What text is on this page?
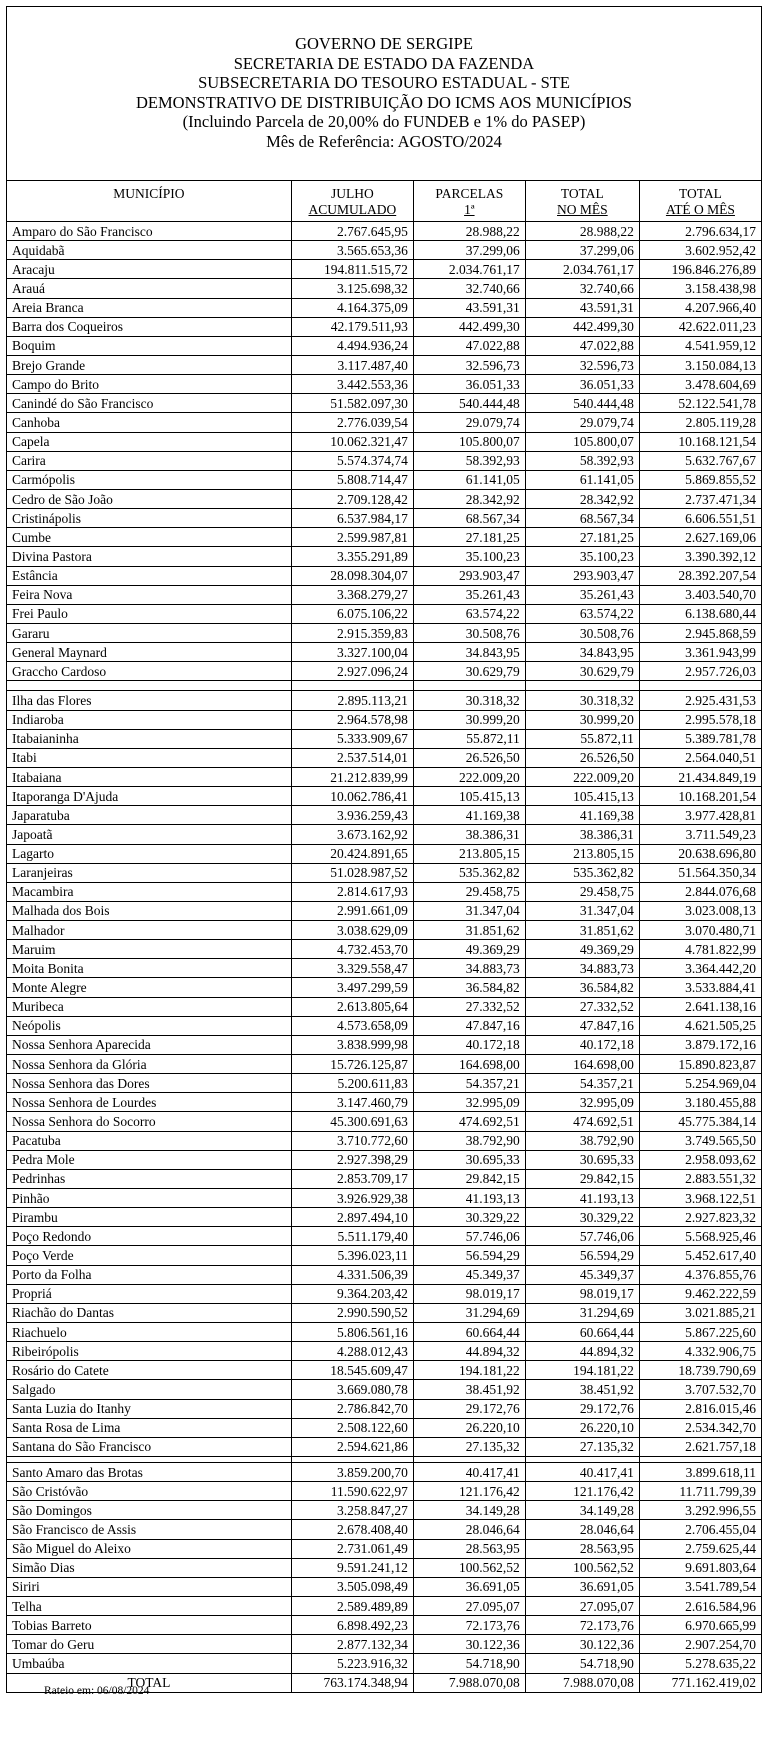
GOVERNO DE SERGIPE
SECRETARIA DE ESTADO DA FAZENDA
SUBSECRETARIA DO TESOURO ESTADUAL - STE
DEMONSTRATIVO DE DISTRIBUIÇÃO DO ICMS AOS MUNICÍPIOS
(Incluindo Parcela de 20,00% do FUNDEB e 1% do PASEP)
Mês de Referência: AGOSTO/2024
MUNICÍPIO	JULHO	PARCELAS	TOTAL	TOTAL
	ACUMULADO	1ª	NO MÊS	ATÉ O MÊS
Amparo do São Francisco	2.767.645,95	28.988,22	28.988,22	2.796.634,17
Aquidabã	3.565.653,36	37.299,06	37.299,06	3.602.952,42
Aracaju	194.811.515,72	2.034.761,17	2.034.761,17	196.846.276,89
Arauá	3.125.698,32	32.740,66	32.740,66	3.158.438,98
Areia Branca	4.164.375,09	43.591,31	43.591,31	4.207.966,40
Barra dos Coqueiros	42.179.511,93	442.499,30	442.499,30	42.622.011,23
Boquim	4.494.936,24	47.022,88	47.022,88	4.541.959,12
Brejo Grande	3.117.487,40	32.596,73	32.596,73	3.150.084,13
Campo do Brito	3.442.553,36	36.051,33	36.051,33	3.478.604,69
Canindé do São Francisco	51.582.097,30	540.444,48	540.444,48	52.122.541,78
Canhoba	2.776.039,54	29.079,74	29.079,74	2.805.119,28
Capela	10.062.321,47	105.800,07	105.800,07	10.168.121,54
Carira	5.574.374,74	58.392,93	58.392,93	5.632.767,67
Carmópolis	5.808.714,47	61.141,05	61.141,05	5.869.855,52
Cedro de São João	2.709.128,42	28.342,92	28.342,92	2.737.471,34
Cristinápolis	6.537.984,17	68.567,34	68.567,34	6.606.551,51
Cumbe	2.599.987,81	27.181,25	27.181,25	2.627.169,06
Divina Pastora	3.355.291,89	35.100,23	35.100,23	3.390.392,12
Estância	28.098.304,07	293.903,47	293.903,47	28.392.207,54
Feira Nova	3.368.279,27	35.261,43	35.261,43	3.403.540,70
Frei Paulo	6.075.106,22	63.574,22	63.574,22	6.138.680,44
Gararu	2.915.359,83	30.508,76	30.508,76	2.945.868,59
General Maynard	3.327.100,04	34.843,95	34.843,95	3.361.943,99
Graccho Cardoso	2.927.096,24	30.629,79	30.629,79	2.957.726,03

Ilha das Flores	2.895.113,21	30.318,32	30.318,32	2.925.431,53
Indiaroba	2.964.578,98	30.999,20	30.999,20	2.995.578,18
Itabaianinha	5.333.909,67	55.872,11	55.872,11	5.389.781,78
Itabi	2.537.514,01	26.526,50	26.526,50	2.564.040,51
Itabaiana	21.212.839,99	222.009,20	222.009,20	21.434.849,19
Itaporanga D'Ajuda	10.062.786,41	105.415,13	105.415,13	10.168.201,54
Japaratuba	3.936.259,43	41.169,38	41.169,38	3.977.428,81
Japoatã	3.673.162,92	38.386,31	38.386,31	3.711.549,23
Lagarto	20.424.891,65	213.805,15	213.805,15	20.638.696,80
Laranjeiras	51.028.987,52	535.362,82	535.362,82	51.564.350,34
Macambira	2.814.617,93	29.458,75	29.458,75	2.844.076,68
Malhada dos Bois	2.991.661,09	31.347,04	31.347,04	3.023.008,13
Malhador	3.038.629,09	31.851,62	31.851,62	3.070.480,71
Maruim	4.732.453,70	49.369,29	49.369,29	4.781.822,99
Moita Bonita	3.329.558,47	34.883,73	34.883,73	3.364.442,20
Monte Alegre	3.497.299,59	36.584,82	36.584,82	3.533.884,41
Muribeca	2.613.805,64	27.332,52	27.332,52	2.641.138,16
Neópolis	4.573.658,09	47.847,16	47.847,16	4.621.505,25
Nossa Senhora Aparecida	3.838.999,98	40.172,18	40.172,18	3.879.172,16
Nossa Senhora da Glória	15.726.125,87	164.698,00	164.698,00	15.890.823,87
Nossa Senhora das Dores	5.200.611,83	54.357,21	54.357,21	5.254.969,04
Nossa Senhora de Lourdes	3.147.460,79	32.995,09	32.995,09	3.180.455,88
Nossa Senhora do Socorro	45.300.691,63	474.692,51	474.692,51	45.775.384,14
Pacatuba	3.710.772,60	38.792,90	38.792,90	3.749.565,50
Pedra Mole	2.927.398,29	30.695,33	30.695,33	2.958.093,62
Pedrinhas	2.853.709,17	29.842,15	29.842,15	2.883.551,32
Pinhão	3.926.929,38	41.193,13	41.193,13	3.968.122,51
Pirambu	2.897.494,10	30.329,22	30.329,22	2.927.823,32
Poço Redondo	5.511.179,40	57.746,06	57.746,06	5.568.925,46
Poço Verde	5.396.023,11	56.594,29	56.594,29	5.452.617,40
Porto da Folha	4.331.506,39	45.349,37	45.349,37	4.376.855,76
Propriá	9.364.203,42	98.019,17	98.019,17	9.462.222,59
Riachão do Dantas	2.990.590,52	31.294,69	31.294,69	3.021.885,21
Riachuelo	5.806.561,16	60.664,44	60.664,44	5.867.225,60
Ribeirópolis	4.288.012,43	44.894,32	44.894,32	4.332.906,75
Rosário do Catete	18.545.609,47	194.181,22	194.181,22	18.739.790,69
Salgado	3.669.080,78	38.451,92	38.451,92	3.707.532,70
Santa Luzia do Itanhy	2.786.842,70	29.172,76	29.172,76	2.816.015,46
Santa Rosa de Lima	2.508.122,60	26.220,10	26.220,10	2.534.342,70
Santana do São Francisco	2.594.621,86	27.135,32	27.135,32	2.621.757,18

Santo Amaro das Brotas	3.859.200,70	40.417,41	40.417,41	3.899.618,11
São Cristóvão	11.590.622,97	121.176,42	121.176,42	11.711.799,39
São Domingos	3.258.847,27	34.149,28	34.149,28	3.292.996,55
São Francisco de Assis	2.678.408,40	28.046,64	28.046,64	2.706.455,04
São Miguel do Aleixo	2.731.061,49	28.563,95	28.563,95	2.759.625,44
Simão Dias	9.591.241,12	100.562,52	100.562,52	9.691.803,64
Siriri	3.505.098,49	36.691,05	36.691,05	3.541.789,54
Telha	2.589.489,89	27.095,07	27.095,07	2.616.584,96
Tobias Barreto	6.898.492,23	72.173,76	72.173,76	6.970.665,99
Tomar do Geru	2.877.132,34	30.122,36	30.122,36	2.907.254,70
Umbaúba	5.223.916,32	54.718,90	54.718,90	5.278.635,22
TOTAL	763.174.348,94	7.988.070,08	7.988.070,08	771.162.419,02
Rateio em: 06/08/2024
